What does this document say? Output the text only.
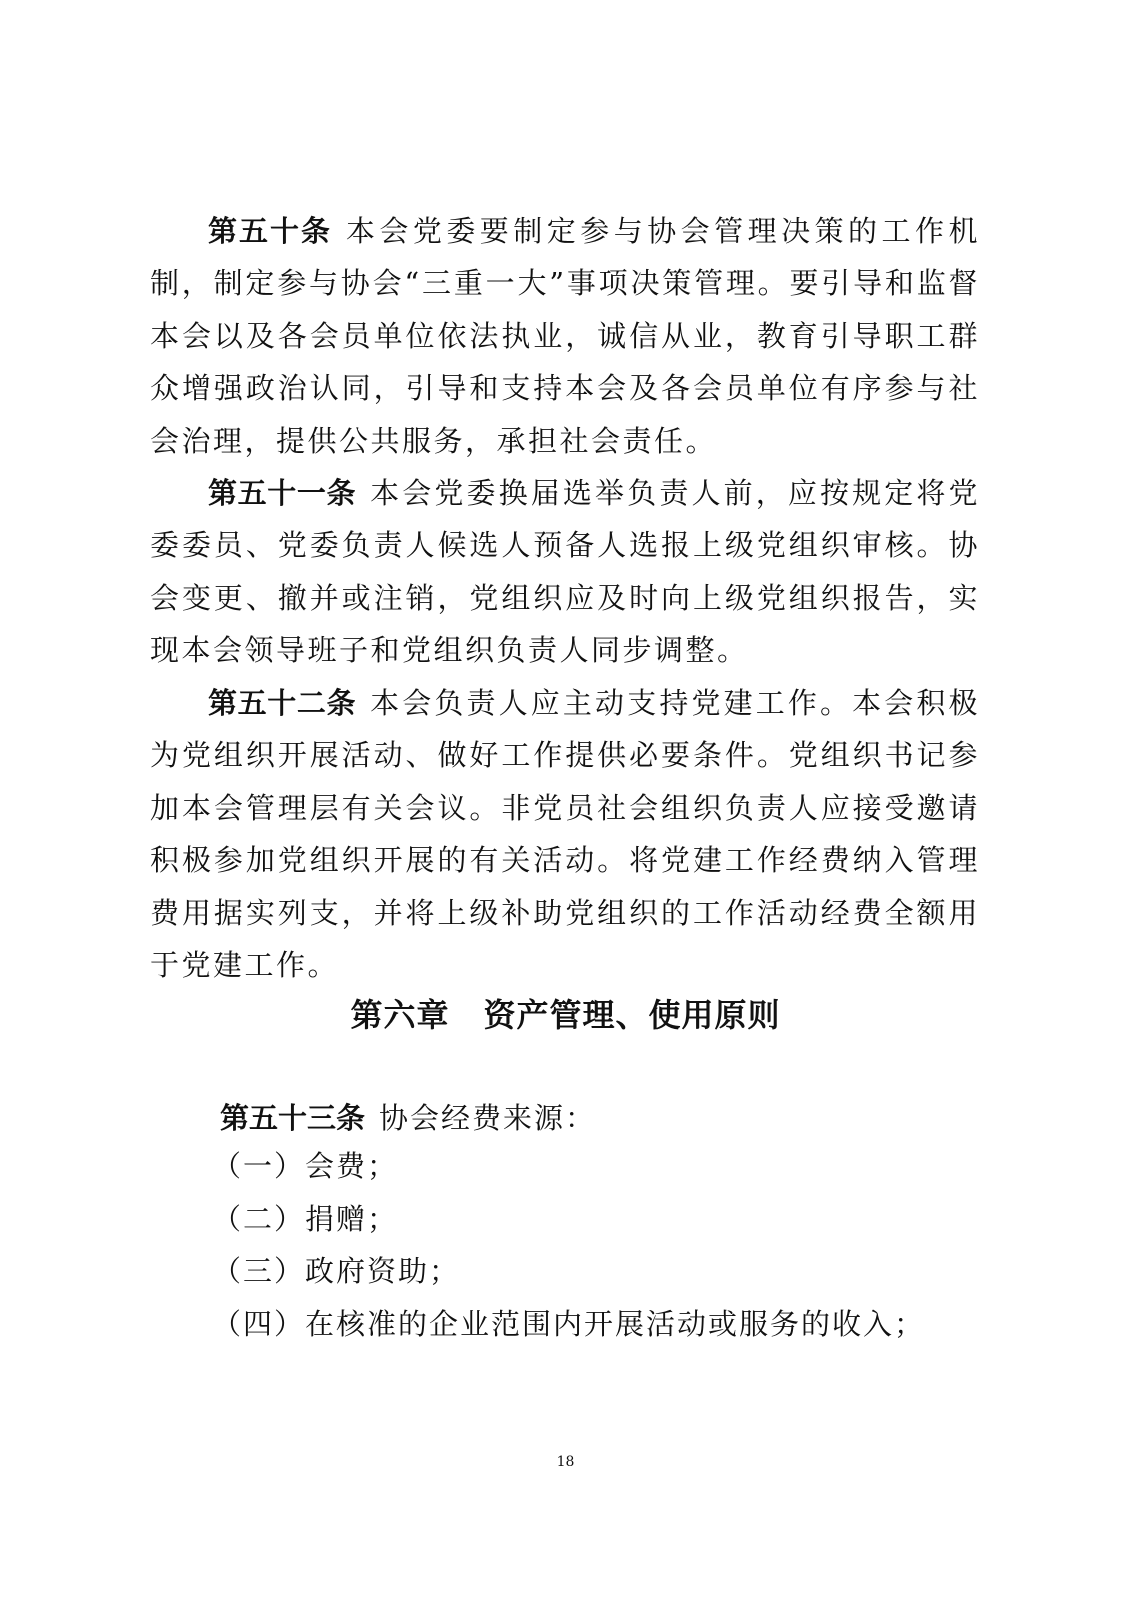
第五十条 本会党委要制定参与协会管理决策的工作机制，制定参与协会“三重一大”事项决策管理。要引导和监督本会以及各会员单位依法执业，诚信从业，教育引导职工群众增强政治认同，引导和支持本会及各会员单位有序参与社会治理，提供公共服务，承担社会责任。

第五十一条 本会党委换届选举负责人前，应按规定将党委委员、党委负责人候选人预备人选报上级党组织审核。协会变更、撤并或注销，党组织应及时向上级党组织报告，实现本会领导班子和党组织负责人同步调整。

第五十二条 本会负责人应主动支持党建工作。本会积极为党组织开展活动、做好工作提供必要条件。党组织书记参加本会管理层有关会议。非党员社会组织负责人应接受邀请积极参加党组织开展的有关活动。将党建工作经费纳入管理费用据实列支，并将上级补助党组织的工作活动经费全额用于党建工作。

第六章 资产管理、使用原则

第五十三条 协会经费来源：

（一）会费；
（二）捐赠；
（三）政府资助；
（四）在核准的企业范围内开展活动或服务的收入；
18
